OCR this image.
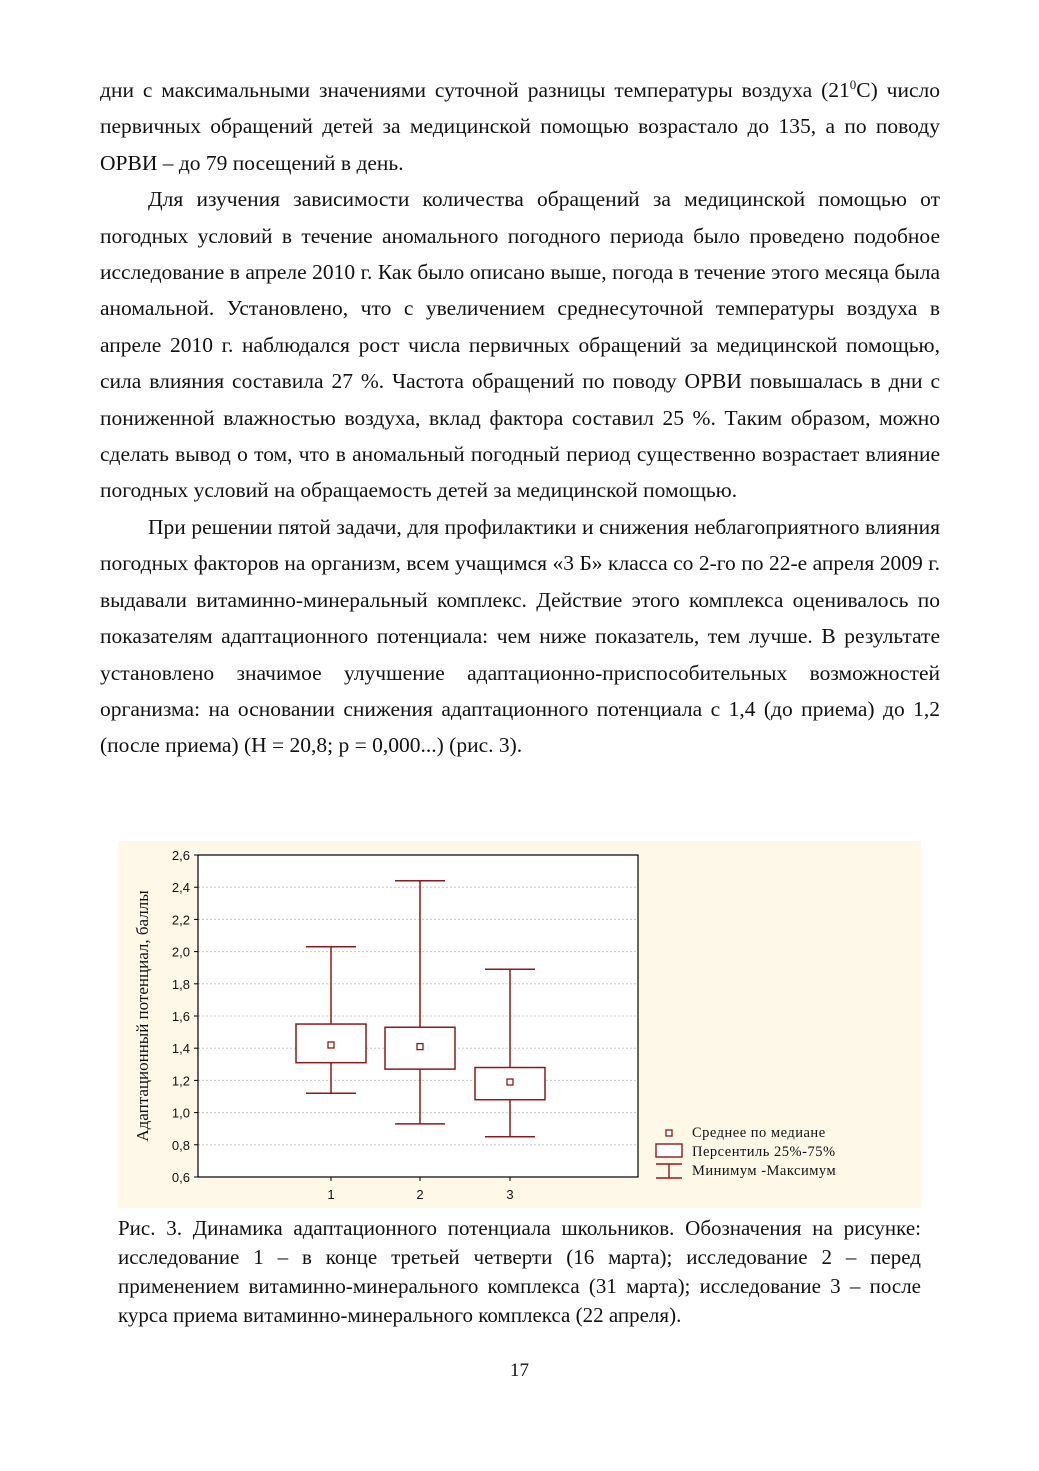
дни с максимальными значениями суточной разницы температуры воздуха $(21^0С)$ число первичных обращений детей за медицинской помощью возрастало до 135, а по поводу ОРВИ – до 79 посещений в день.

Для изучения зависимости количества обращений за медицинской помощью от погодных условий в течение аномального погодного периода было проведено подобное исследование в апреле 2010 г. Как было описано выше, погода в течение этого месяца была аномальной. Установлено, что с увеличением среднесуточной температуры воздуха в апреле 2010 г. наблюдался рост числа первичных обращений за медицинской помощью, сила влияния составила 27 %. Частота обращений по поводу ОРВИ повышалась в дни с пониженной влажностью воздуха, вклад фактора составил 25 %. Таким образом, можно сделать вывод о том, что в аномальный погодный период существенно возрастает влияние погодных условий на обращаемость детей за медицинской помощью.

При решении пятой задачи, для профилактики и снижения неблагоприятного влияния погодных факторов на организм, всем учащимся «3 Б» класса со 2-го по 22-е апреля 2009 г. выдавали витаминно-минеральный комплекс. Действие этого комплекса оценивалось по показателям адаптационного потенциала: чем ниже показатель, тем лучше. В результате установлено значимое улучшение адаптационно-приспособительных возможностей организма: на основании снижения адаптационного потенциала с 1,4 (до приема) до 1,2 (после приема) (H = 20,8; p = 0,000...) (рис. 3).

0,6
0,8
1,0
1,2
1,4
1,6
1,8
2,0
2,2
2,4
2,6
Адаптационный потенциал, баллы
1	2	3
Среднее по медиане
Персентиль 25%-75%
Минимум -Максимум

Рис. 3. Динамика адаптационного потенциала школьников. Обозначения на рисунке: исследование 1 – в конце третьей четверти (16 марта); исследование 2 – перед применением витаминно-минерального комплекса (31 марта); исследование 3 – после курса приема витаминно-минерального комплекса (22 апреля).

17
